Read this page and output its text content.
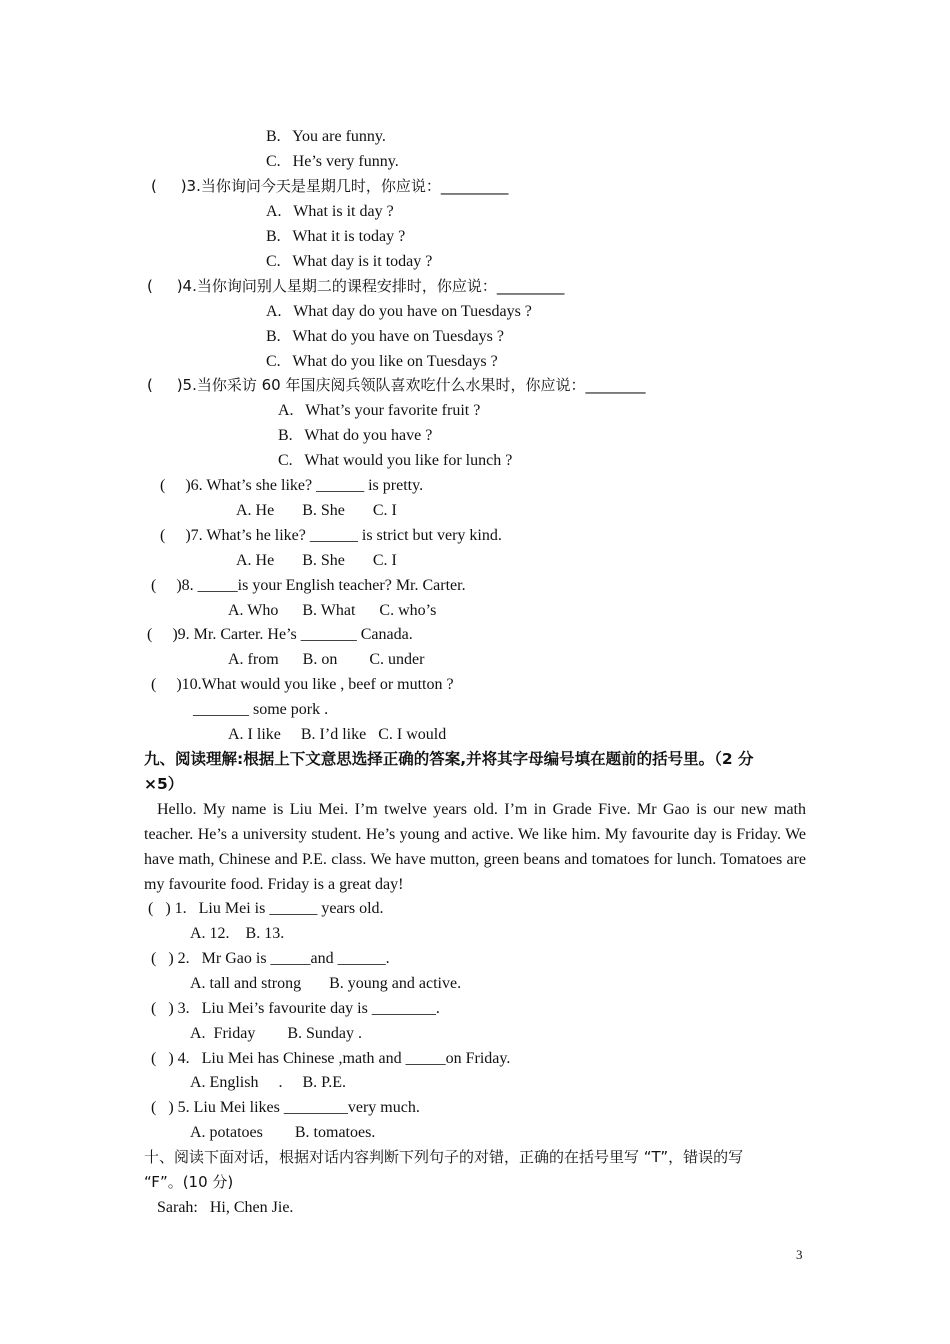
B.   You are funny.
C.   He’s very funny.
(     )3.当你询问今天是星期几时，你应说：_________
A.   What is it day ?
B.   What it is today ?
C.   What day is it today ?
(     )4.当你询问别人星期二的课程安排时，你应说：_________
A.   What day do you have on Tuesdays ?
B.   What do you have on Tuesdays ?
C.   What do you like on Tuesdays ?
(     )5.当你采访 60 年国庆阅兵领队喜欢吃什么水果时，你应说：________
A.   What’s your favorite fruit ?
B.   What do you have ?
C.   What would you like for lunch ?
(     )6. What’s she like? ______ is pretty.
A. He       B. She       C. I
(     )7. What’s he like? ______ is strict but very kind.
A. He       B. She       C. I
(     )8. _____is your English teacher? Mr. Carter.
A. Who      B. What      C. who’s
(     )9. Mr. Carter. He’s _______ Canada.
A. from      B. on        C. under
(     )10.What would you like , beef or mutton ?
_______ some pork .
A. I like     B. I’d like   C. I would
九、阅读理解:根据上下文意思选择正确的答案,并将其字母编号填在题前的括号里。（2 分
×5）
Hello. My name is Liu Mei. I’m twelve years old. I’m in Grade Five. Mr Gao is our new math teacher. He’s a university student. He’s young and active. We like him. My favourite day is Friday. We have math, Chinese and P.E. class. We have mutton, green beans and tomatoes for lunch. Tomatoes are my favourite food. Friday is a great day!
(   ) 1.   Liu Mei is ______ years old.
A. 12.    B. 13.
(   ) 2.   Mr Gao is _____and ______.
A. tall and strong       B. young and active.
(   ) 3.   Liu Mei’s favourite day is ________.
A.  Friday        B. Sunday .
(   ) 4.   Liu Mei has Chinese ,math and _____on Friday.
A. English     .     B. P.E.
(   ) 5. Liu Mei likes ________very much.
A. potatoes        B. tomatoes.
十、阅读下面对话，根据对话内容判断下列句子的对错，正确的在括号里写 “T”，错误的写
“F”。(10 分)
Sarah:   Hi, Chen Jie.
3
